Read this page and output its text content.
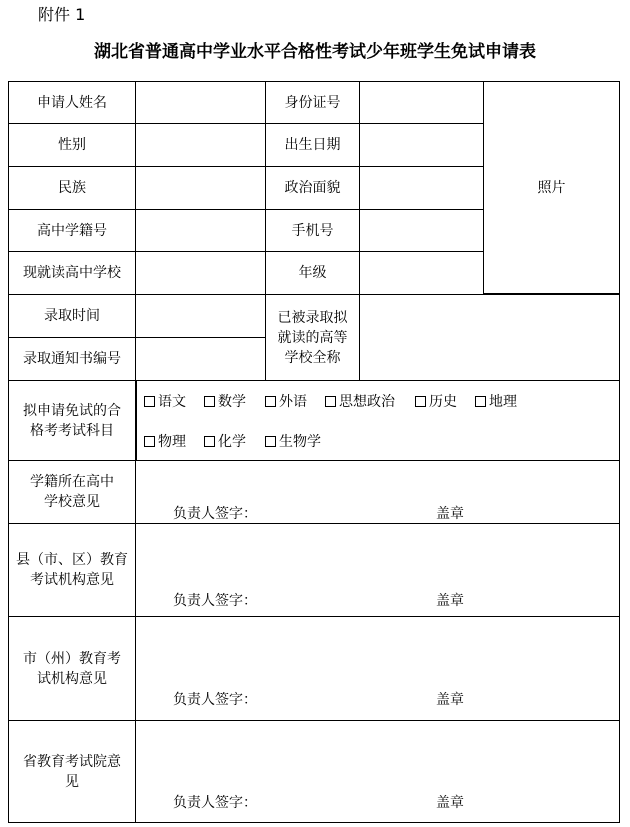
附件 1
湖北省普通高中学业水平合格性考试少年班学生免试申请表
申请人姓名	身份证号
照片
性别	出生日期
民族	政治面貌
高中学籍号	手机号
现就读高中学校	年级
录取时间
录取通知书编号
已被录取拟就读的高等学校全称
拟申请免试的合格考考试科目
语文 数学 外语 思想政治 历史 地理
物理 化学 生物学
学籍所在高中学校意见
负责人签字：	盖章
县（市、区）教育考试机构意见
负责人签字：	盖章
市（州）教育考试机构意见
负责人签字：	盖章
省教育考试院意见
负责人签字：	盖章
